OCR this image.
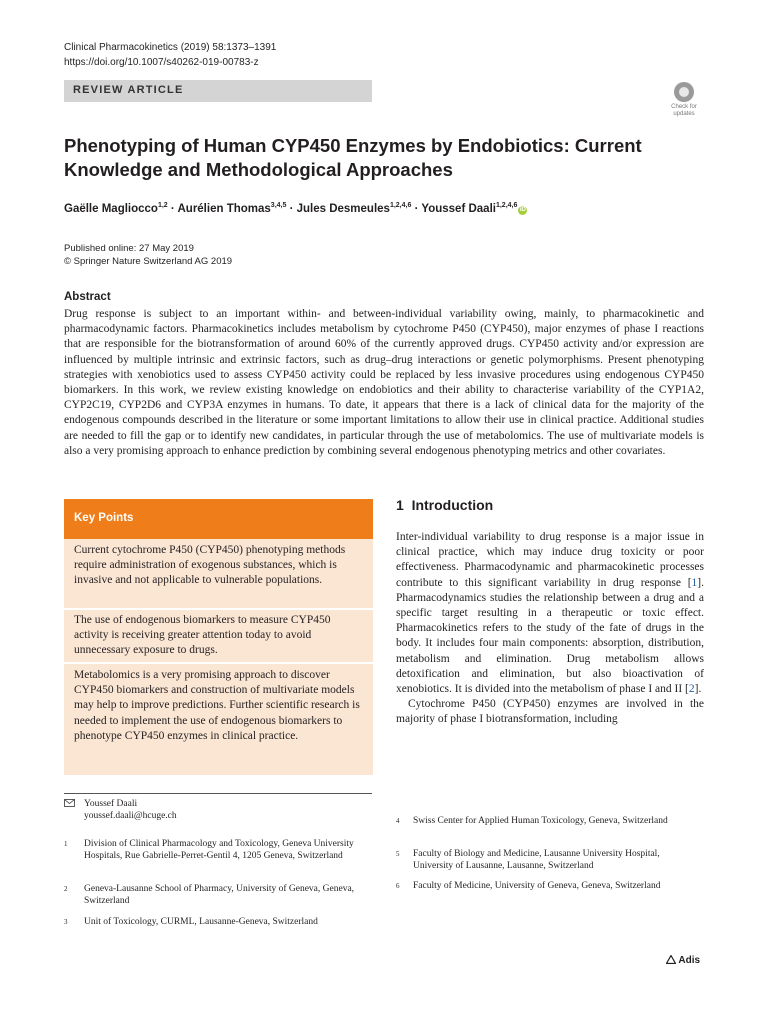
Clinical Pharmacokinetics (2019) 58:1373–1391
https://doi.org/10.1007/s40262-019-00783-z
REVIEW ARTICLE
Check for
updates
Phenotyping of Human CYP450 Enzymes by Endobiotics: Current Knowledge and Methodological Approaches
Gaëlle Magliocco$^{1,2}$ · Aurélien Thomas$^{3,4,5}$ · Jules Desmeules$^{1,2,4,6}$ · Youssef Daali$^{1,2,4,6}$iD
Published online: 27 May 2019
© Springer Nature Switzerland AG 2019
Abstract
Drug response is subject to an important within- and between-individual variability owing, mainly, to pharmacokinetic and pharmacodynamic factors. Pharmacokinetics includes metabolism by cytochrome P450 (CYP450), major enzymes of phase I reactions that are responsible for the biotransformation of around 60% of the currently approved drugs. CYP450 activity and/or expression are influenced by multiple intrinsic and extrinsic factors, such as drug–drug interactions or genetic polymorphisms. Present phenotyping strategies with xenobiotics used to assess CYP450 activity could be replaced by less invasive procedures using endogenous CYP450 biomarkers. In this work, we review existing knowledge on endobiotics and their ability to characterise variability of the CYP1A2, CYP2C19, CYP2D6 and CYP3A enzymes in humans. To date, it appears that there is a lack of clinical data for the majority of the endogenous compounds described in the literature or some important limitations to allow their use in clinical practice. Additional studies are needed to fill the gap or to identify new candidates, in particular through the use of metabolomics. The use of multivariate models is also a very promising approach to enhance prediction by combining several endogenous phenotyping metrics and other covariates.
Key Points
Current cytochrome P450 (CYP450) phenotyping methods require administration of exogenous substances, which is invasive and not applicable to vulnerable populations.
The use of endogenous biomarkers to measure CYP450 activity is receiving greater attention today to avoid unnecessary exposure to drugs.
Metabolomics is a very promising approach to discover CYP450 biomarkers and construction of multivariate models may help to improve predictions. Further scientific research is needed to implement the use of endogenous biomarkers to phenotype CYP450 enzymes in clinical practice.
1 Introduction

Inter-individual variability to drug response is a major issue in clinical practice, which may induce drug toxicity or poor effectiveness. Pharmacodynamic and pharmacokinetic processes contribute to this significant variability in drug response [1]. Pharmacodynamics studies the relationship between a drug and a specific target resulting in a therapeutic or toxic effect. Pharmacokinetics refers to the study of the fate of drugs in the body. It includes four main components: absorption, distribution, metabolism and elimination. Drug metabolism allows detoxification and elimination, but also bioactivation of xenobiotics. It is divided into the metabolism of phase I and II [2].

Cytochrome P450 (CYP450) enzymes are involved in the majority of phase I biotransformation, including

Youssef Daali
youssef.daali@hcuge.ch
1 Division of Clinical Pharmacology and Toxicology, Geneva University Hospitals, Rue Gabrielle-Perret-Gentil 4, 1205 Geneva, Switzerland
2 Geneva-Lausanne School of Pharmacy, University of Geneva, Geneva, Switzerland
3 Unit of Toxicology, CURML, Lausanne-Geneva, Switzerland
4 Swiss Center for Applied Human Toxicology, Geneva, Switzerland
5 Faculty of Biology and Medicine, Lausanne University Hospital, University of Lausanne, Lausanne, Switzerland
6 Faculty of Medicine, University of Geneva, Geneva, Switzerland
Adis
